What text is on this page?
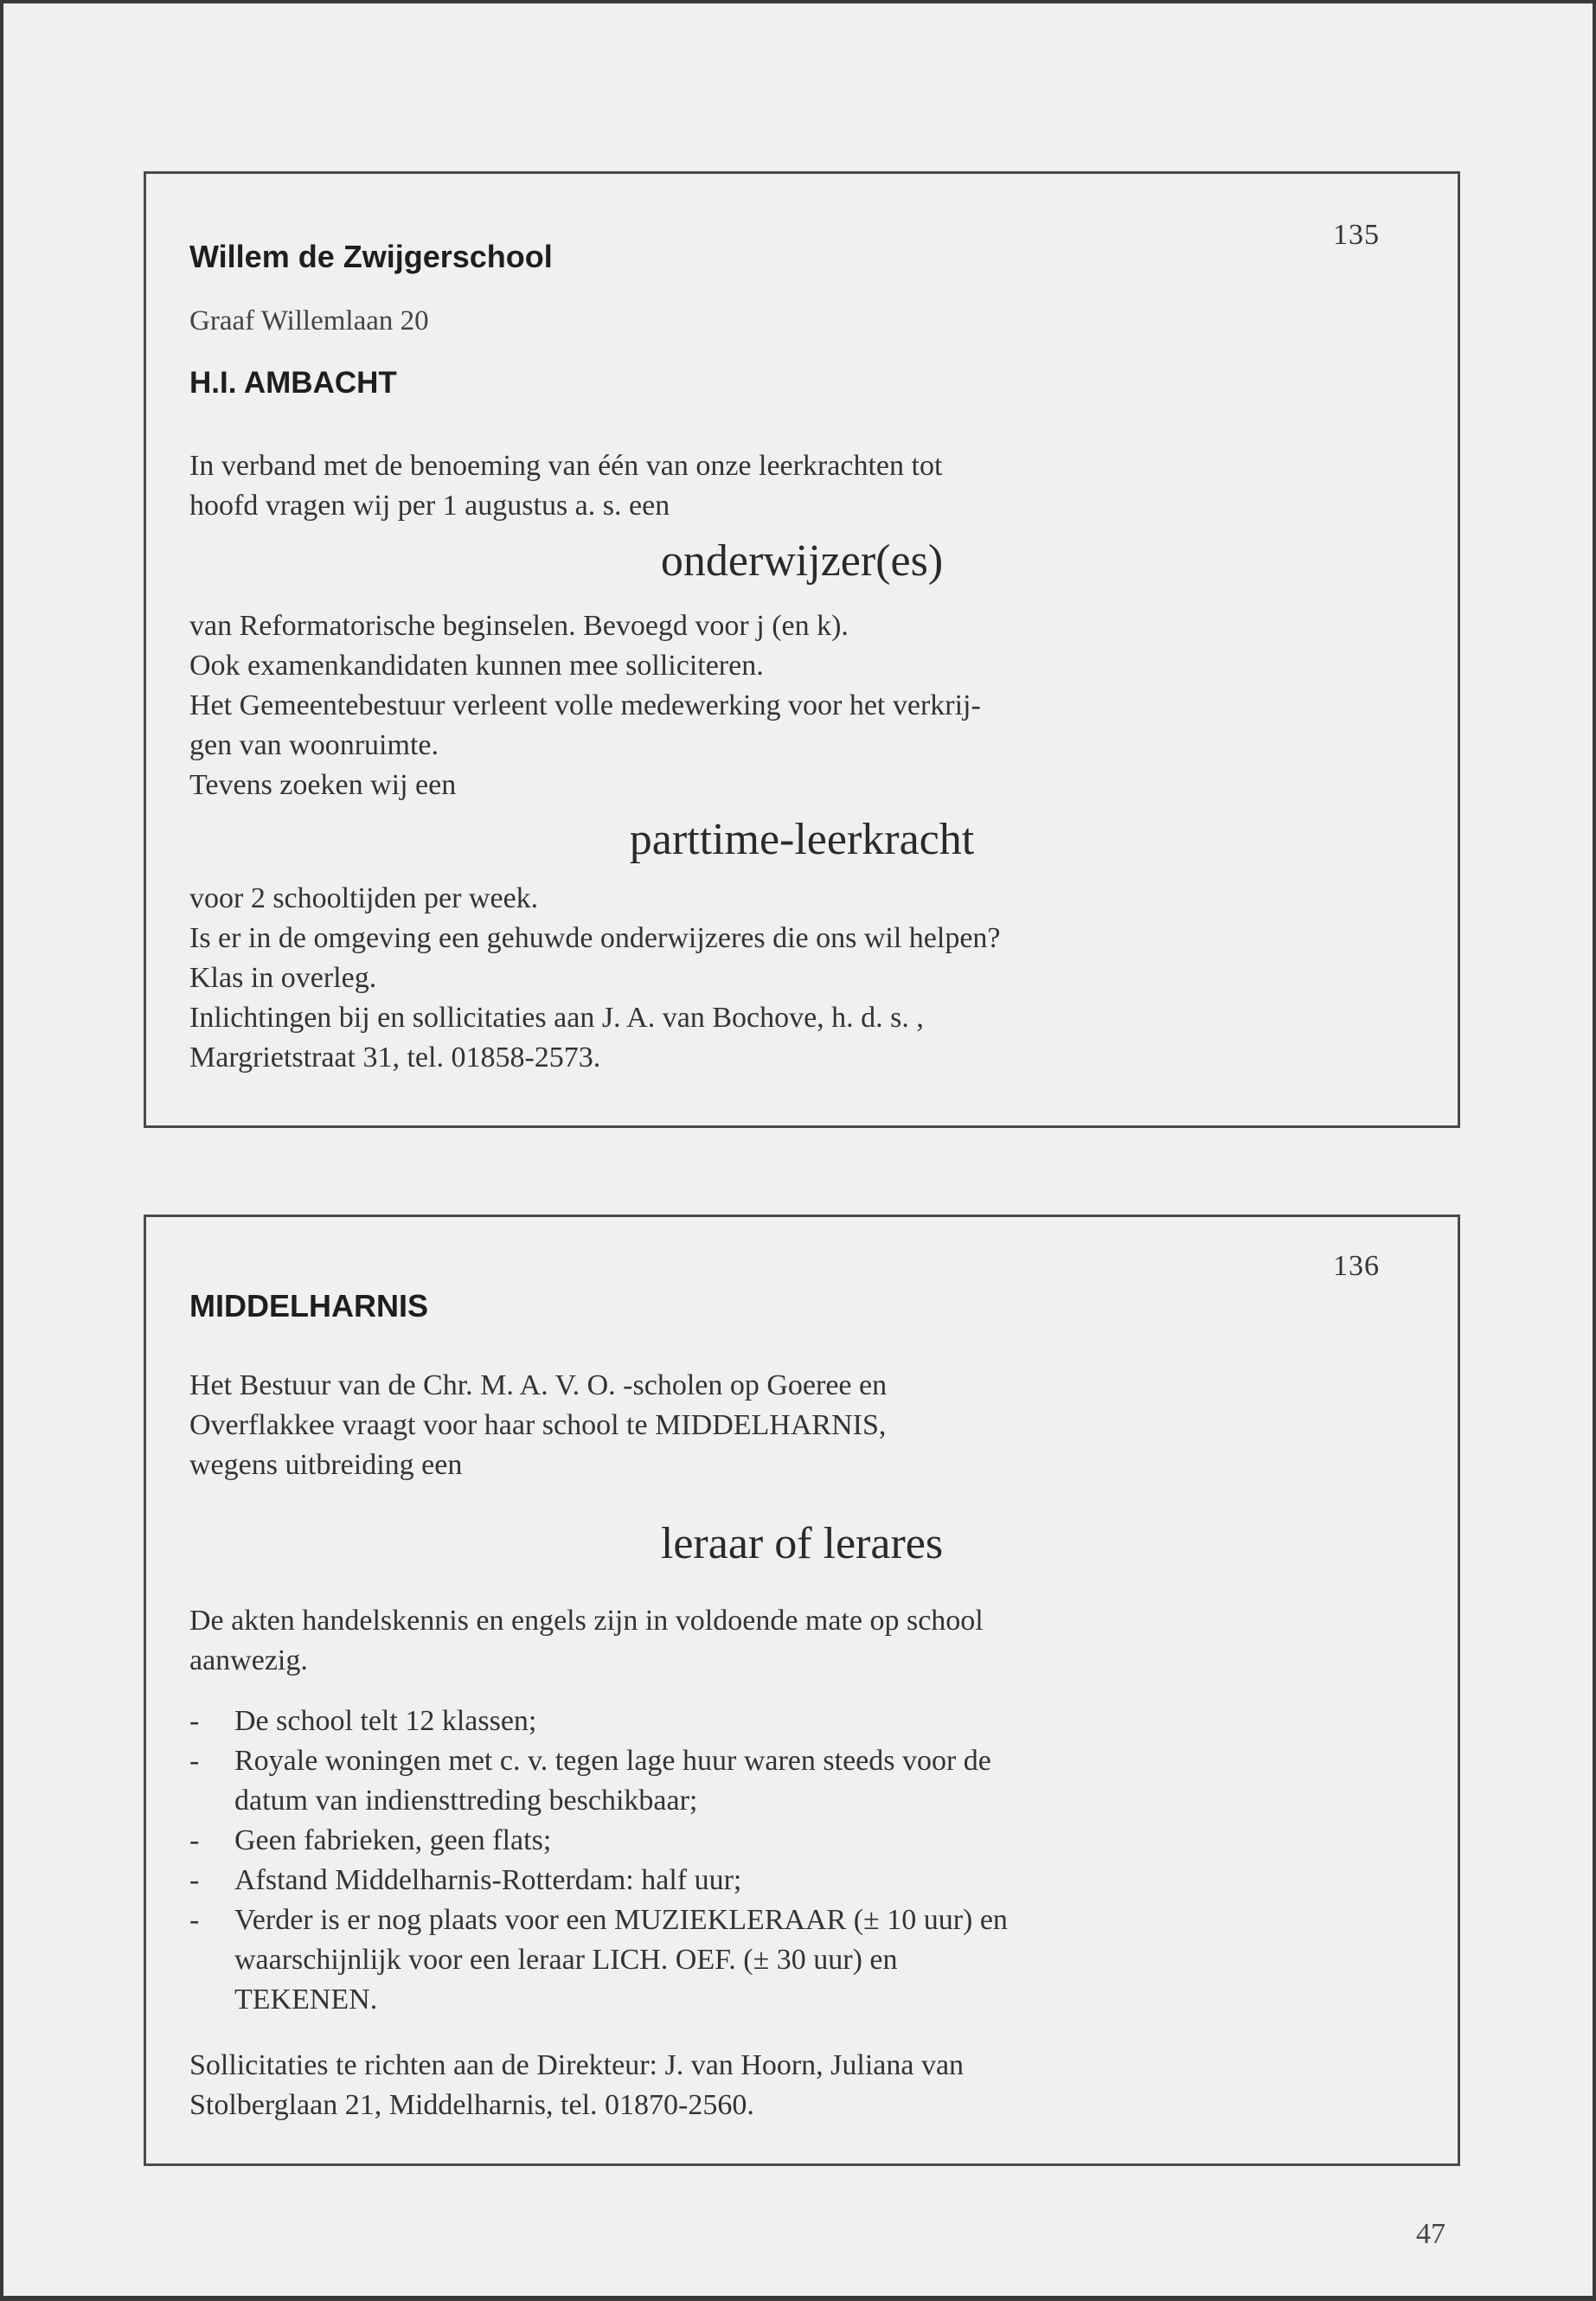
135
Willem de Zwijgerschool
Graaf Willemlaan 20
H.I. AMBACHT
In verband met de benoeming van één van onze leerkrachten tot
hoofd vragen wij per 1 augustus a. s. een
onderwijzer(es)
van Reformatorische beginselen. Bevoegd voor j (en k).
Ook examenkandidaten kunnen mee solliciteren.
Het Gemeentebestuur verleent volle medewerking voor het verkrij-
gen van woonruimte.
Tevens zoeken wij een
parttime-leerkracht
voor 2 schooltijden per week.
Is er in de omgeving een gehuwde onderwijzeres die ons wil helpen?
Klas in overleg.
Inlichtingen bij en sollicitaties aan J. A. van Bochove, h. d. s. ,
Margrietstraat 31, tel. 01858-2573.
136
MIDDELHARNIS
Het Bestuur van de Chr. M. A. V. O. -scholen op Goeree en
Overflakkee vraagt voor haar school te MIDDELHARNIS,
wegens uitbreiding een
leraar of lerares
De akten handelskennis en engels zijn in voldoende mate op school
aanwezig.
- De school telt 12 klassen;
- Royale woningen met c. v. tegen lage huur waren steeds voor de
datum van indiensttreding beschikbaar;
- Geen fabrieken, geen flats;
- Afstand Middelharnis-Rotterdam: half uur;
- Verder is er nog plaats voor een MUZIEKLERAAR (± 10 uur) en
waarschijnlijk voor een leraar LICH. OEF. (± 30 uur) en
TEKENEN.
Sollicitaties te richten aan de Direkteur: J. van Hoorn, Juliana van
Stolberglaan 21, Middelharnis, tel. 01870-2560.
47
